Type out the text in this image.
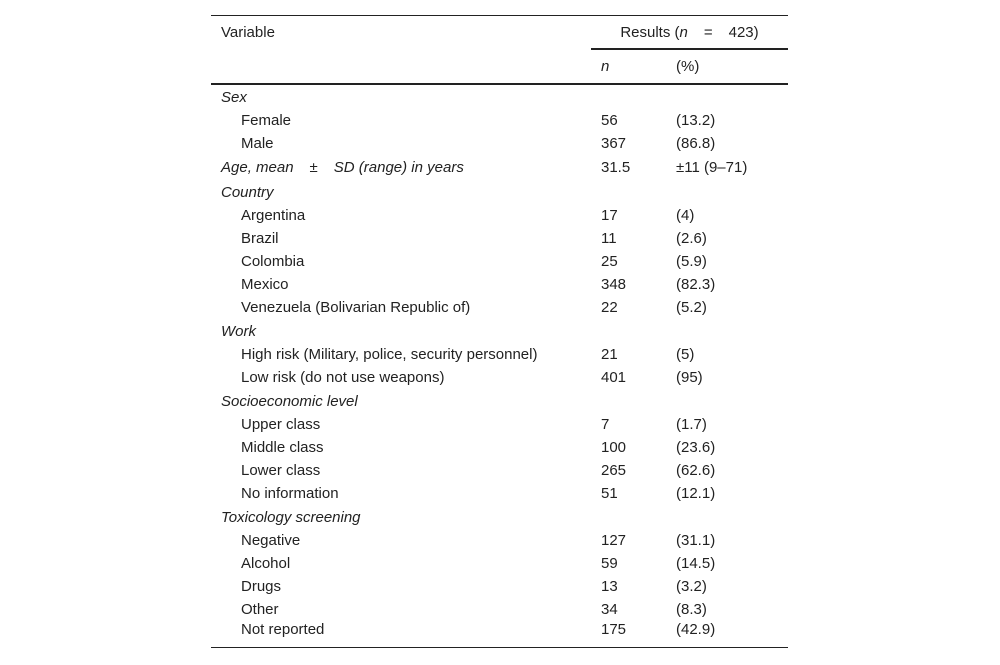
Variable	Results (n = 423)	
	n	(%)
Sex		
Female	56	(13.2)
Male	367	(86.8)
Age, mean ± SD (range) in years	31.5	±11 (9–71)
Country		
Argentina	17	(4)
Brazil	11	(2.6)
Colombia	25	(5.9)
Mexico	348	(82.3)
Venezuela (Bolivarian Republic of)	22	(5.2)
Work		
High risk (Military, police, security personnel)	21	(5)
Low risk (do not use weapons)	401	(95)
Socioeconomic level		
Upper class	7	(1.7)
Middle class	100	(23.6)
Lower class	265	(62.6)
No information	51	(12.1)
Toxicology screening		
Negative	127	(31.1)
Alcohol	59	(14.5)
Drugs	13	(3.2)
Other	34	(8.3)
Not reported	175	(42.9)
